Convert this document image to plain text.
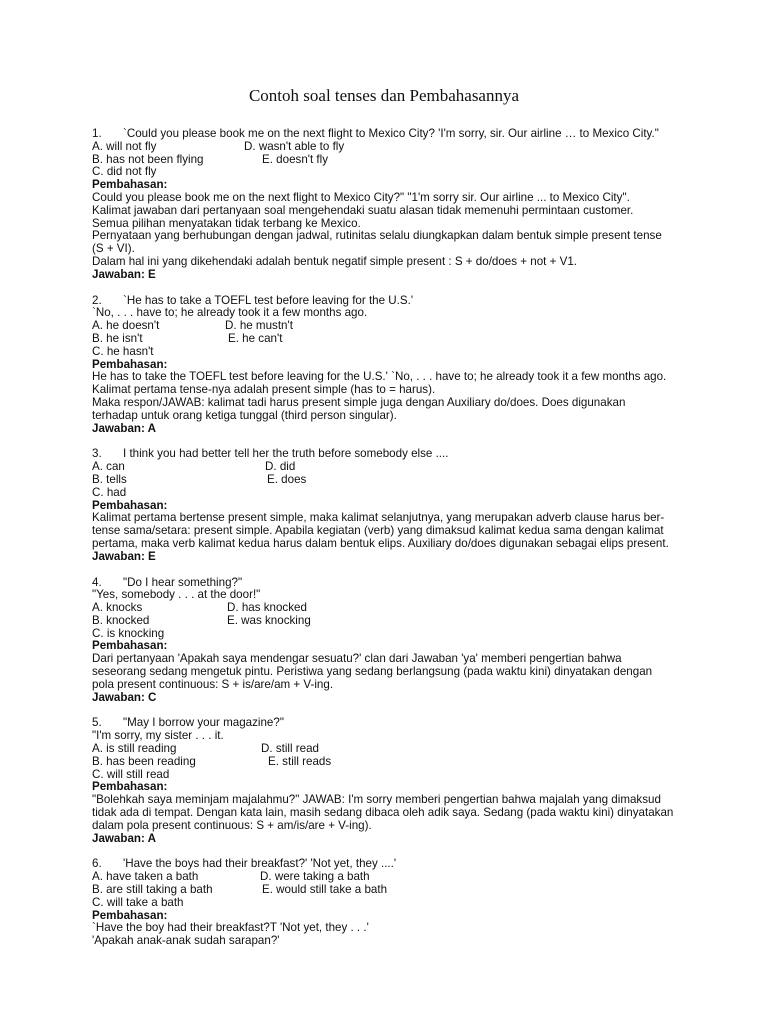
Contoh soal tenses dan Pembahasannya
1. `Could you please book me on the next flight to Mexico City? 'I'm sorry, sir. Our airline … to Mexico City."
A. will not fly	D. wasn't able to fly
B. has not been flying	E. doesn't fly
C. did not fly
Pembahasan:
Could you please book me on the next flight to Mexico City?" "1'm sorry sir. Our airline ... to Mexico City".
Kalimat jawaban dari pertanyaan soal mengehendaki suatu alasan tidak memenuhi permintaan customer.
Semua pilihan menyatakan tidak terbang ke Mexico.
Pernyataan yang berhubungan dengan jadwal, rutinitas selalu diungkapkan dalam bentuk simple present tense
(S + VI).
Dalam hal ini yang dikehendaki adalah bentuk negatif simple present : S + do/does + not + V1.
Jawaban: E
2. `He has to take a TOEFL test before leaving for the U.S.'
`No, . . . have to; he already took it a few months ago.
A. he doesn't	D. he mustn't
B. he isn't	E. he can't
C. he hasn't
Pembahasan:
He has to take the TOEFL test before leaving for the U.S.' `No, . . . have to; he already took it a few months ago.
Kalimat pertama tense-nya adalah present simple (has to = harus).
Maka respon/JAWAB: kalimat tadi harus present simple juga dengan Auxiliary do/does. Does digunakan
terhadap untuk orang ketiga tunggal (third person singular).
Jawaban: A
3. I think you had better tell her the truth before somebody else ....
A. can	D. did
B. tells	E. does
C. had
Pembahasan:
Kalimat pertama bertense present simple, maka kalimat selanjutnya, yang merupakan adverb clause harus ber-
tense sama/setara: present simple. Apabila kegiatan (verb) yang dimaksud kalimat kedua sama dengan kalimat
pertama, maka verb kalimat kedua harus dalam bentuk elips. Auxiliary do/does digunakan sebagai elips present.
Jawaban: E
4. "Do I hear something?"
"Yes, somebody . . . at the door!"
A. knocks	D. has knocked
B. knocked	E. was knocking
C. is knocking
Pembahasan:
Dari pertanyaan 'Apakah saya mendengar sesuatu?' clan dari Jawaban 'ya' memberi pengertian bahwa
seseorang sedang mengetuk pintu. Peristiwa yang sedang berlangsung (pada waktu kini) dinyatakan dengan
pola present continuous: S + is/are/am + V-ing.
Jawaban: C
5. "May I borrow your magazine?"
"I'm sorry, my sister . . . it.
A. is still reading	D. still read
B. has been reading	E. still reads
C. will still read
Pembahasan:
"Bolehkah saya meminjam majalahmu?" JAWAB: I'm sorry memberi pengertian bahwa majalah yang dimaksud
tidak ada di tempat. Dengan kata lain, masih sedang dibaca oleh adik saya. Sedang (pada waktu kini) dinyatakan
dalam pola present continuous: S + am/is/are + V-ing).
Jawaban: A
6. 'Have the boys had their breakfast?' 'Not yet, they ....'
A. have taken a bath	D. were taking a bath
B. are still taking a bath	E. would still take a bath
C. will take a bath
Pembahasan:
`Have the boy had their breakfast?T 'Not yet, they . . .'
'Apakah anak-anak sudah sarapan?'
